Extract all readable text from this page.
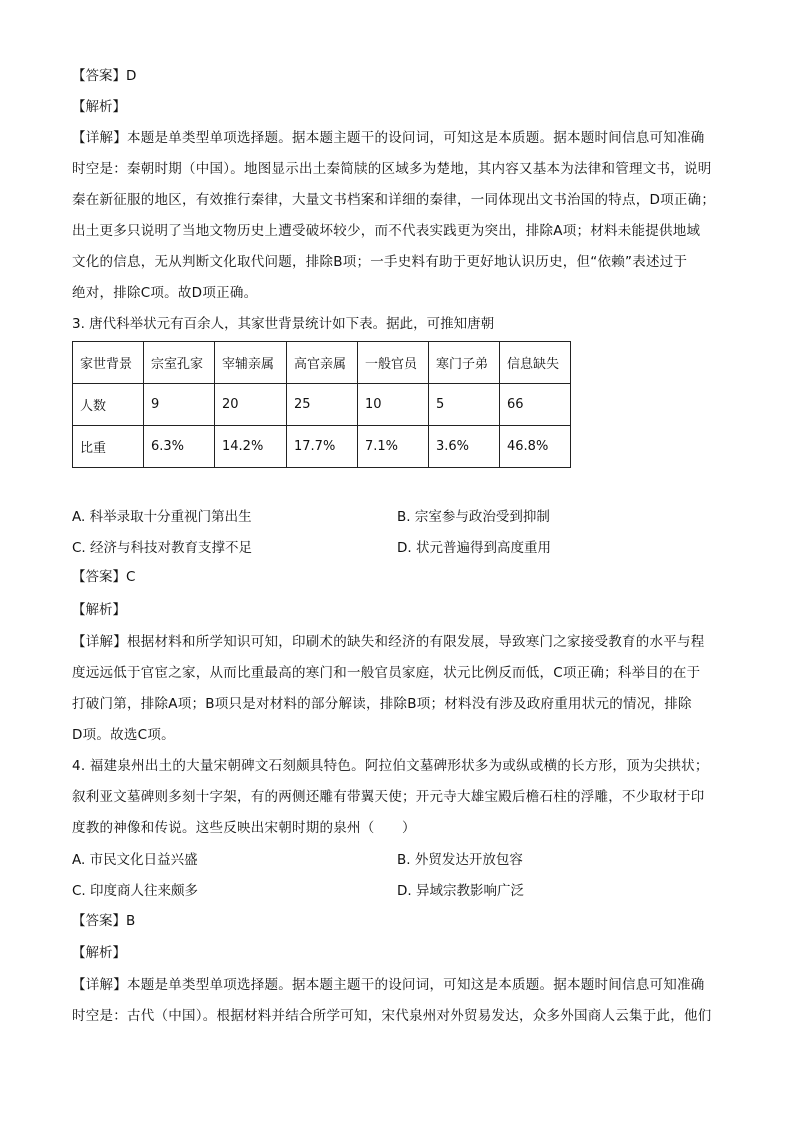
【答案】D
【解析】
【详解】本题是单类型单项选择题。据本题主题干的设问词，可知这是本质题。据本题时间信息可知准确
时空是：秦朝时期（中国）。地图显示出土秦简牍的区域多为楚地，其内容又基本为法律和管理文书，说明
秦在新征服的地区，有效推行秦律，大量文书档案和详细的秦律，一同体现出文书治国的特点，D项正确；
出土更多只说明了当地文物历史上遭受破坏较少，而不代表实践更为突出，排除A项；材料未能提供地域
文化的信息，无从判断文化取代问题，排除B项；一手史料有助于更好地认识历史，但“依赖”表述过于
绝对，排除C项。故D项正确。
3. 唐代科举状元有百余人，其家世背景统计如下表。据此，可推知唐朝
家世背景	宗室孔家	宰辅亲属	高官亲属	一般官员	寒门子弟	信息缺失
人数	9	20	25	10	5	66
比重	6.3%	14.2%	17.7%	7.1%	3.6%	46.8%
A. 科举录取十分重视门第出生	B. 宗室参与政治受到抑制
C. 经济与科技对教育支撑不足	D. 状元普遍得到高度重用
【答案】C
【解析】
【详解】根据材料和所学知识可知，印刷术的缺失和经济的有限发展，导致寒门之家接受教育的水平与程
度远远低于官宦之家，从而比重最高的寒门和一般官员家庭，状元比例反而低，C项正确；科举目的在于
打破门第，排除A项；B项只是对材料的部分解读，排除B项；材料没有涉及政府重用状元的情况，排除
D项。故选C项。
4. 福建泉州出土的大量宋朝碑文石刻颇具特色。阿拉伯文墓碑形状多为或纵或横的长方形，顶为尖拱状；
叙利亚文墓碑则多刻十字架，有的两侧还雕有带翼天使；开元寺大雄宝殿后檐石柱的浮雕，不少取材于印
度教的神像和传说。这些反映出宋朝时期的泉州（　　）
A. 市民文化日益兴盛	B. 外贸发达开放包容
C. 印度商人往来颇多	D. 异域宗教影响广泛
【答案】B
【解析】
【详解】本题是单类型单项选择题。据本题主题干的设问词，可知这是本质题。据本题时间信息可知准确
时空是：古代（中国）。根据材料并结合所学可知，宋代泉州对外贸易发达，众多外国商人云集于此，他们
